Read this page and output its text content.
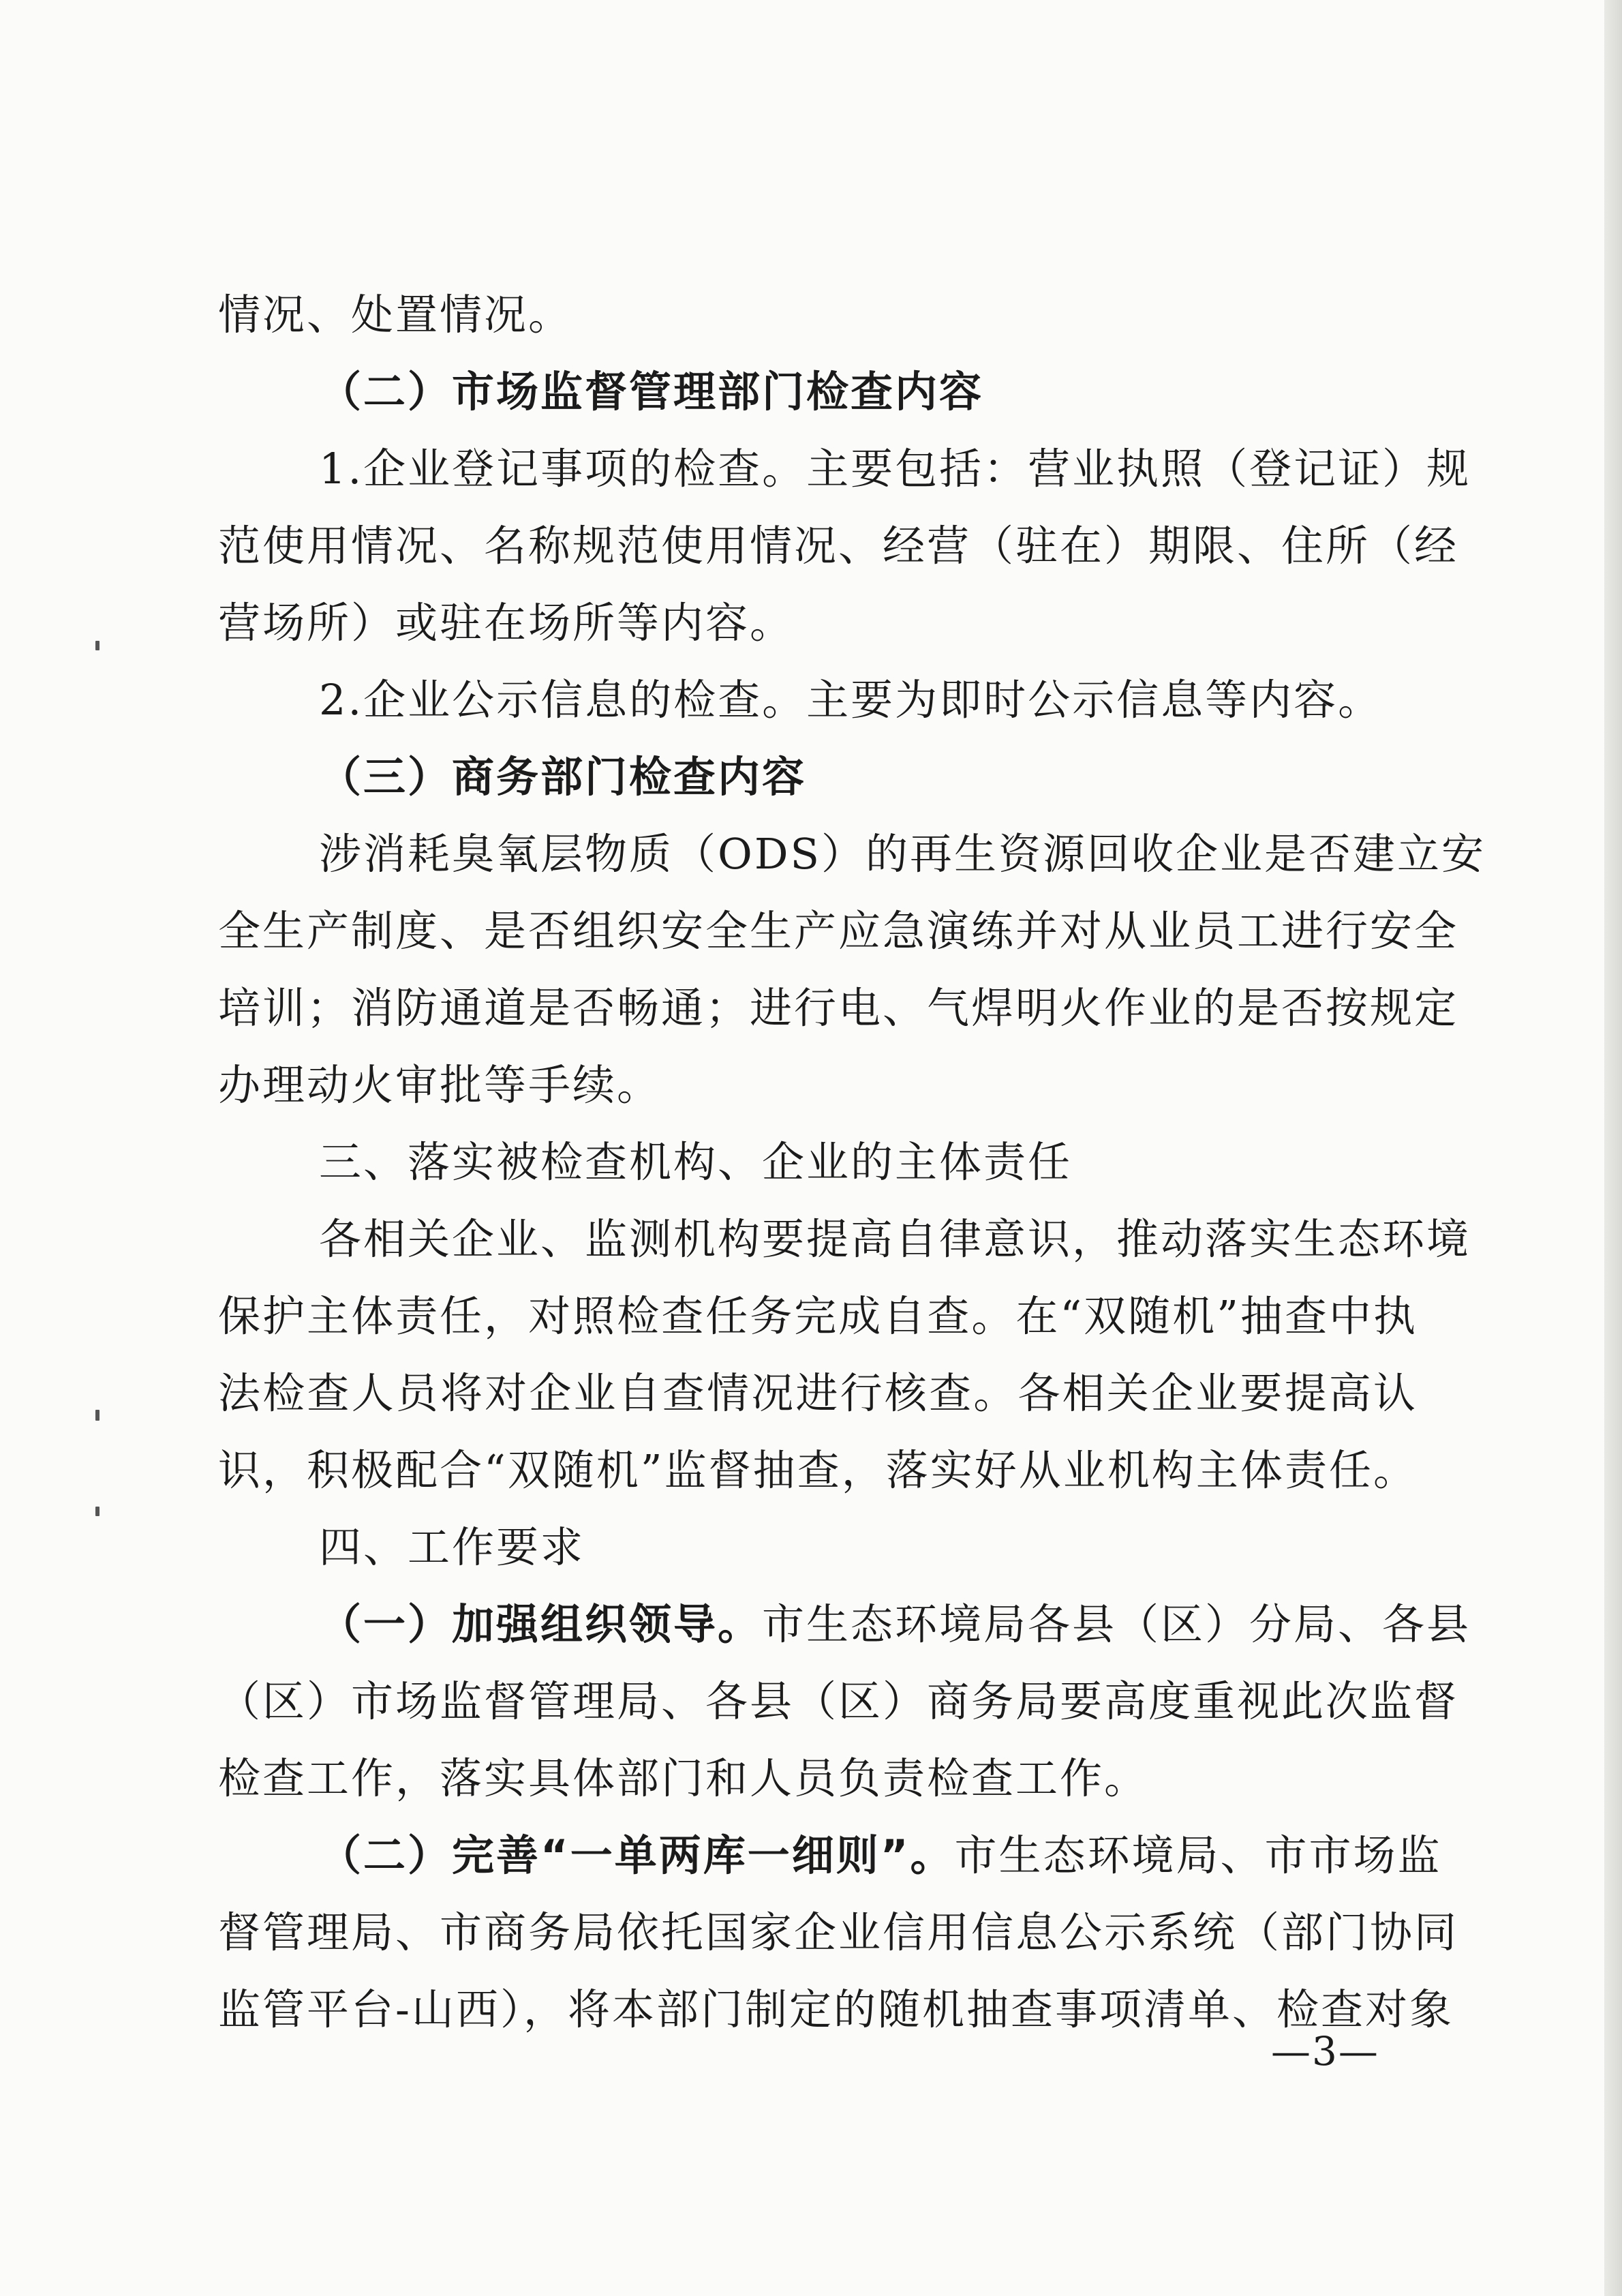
情况、处置情况。
（二）市场监督管理部门检查内容
1.企业登记事项的检查。主要包括：营业执照（登记证）规
范使用情况、名称规范使用情况、经营（驻在）期限、住所（经
营场所）或驻在场所等内容。
2.企业公示信息的检查。主要为即时公示信息等内容。
（三）商务部门检查内容
涉消耗臭氧层物质（ODS）的再生资源回收企业是否建立安
全生产制度、是否组织安全生产应急演练并对从业员工进行安全
培训；消防通道是否畅通；进行电、气焊明火作业的是否按规定
办理动火审批等手续。
三、落实被检查机构、企业的主体责任
各相关企业、监测机构要提高自律意识，推动落实生态环境
保护主体责任，对照检查任务完成自查。在“双随机”抽查中执
法检查人员将对企业自查情况进行核查。各相关企业要提高认
识，积极配合“双随机”监督抽查，落实好从业机构主体责任。
四、工作要求
（一）加强组织领导。市生态环境局各县（区）分局、各县
（区）市场监督管理局、各县（区）商务局要高度重视此次监督
检查工作，落实具体部门和人员负责检查工作。
（二）完善“一单两库一细则”。市生态环境局、市市场监
督管理局、市商务局依托国家企业信用信息公示系统（部门协同
监管平台-山西），将本部门制定的随机抽查事项清单、检查对象
—3—
